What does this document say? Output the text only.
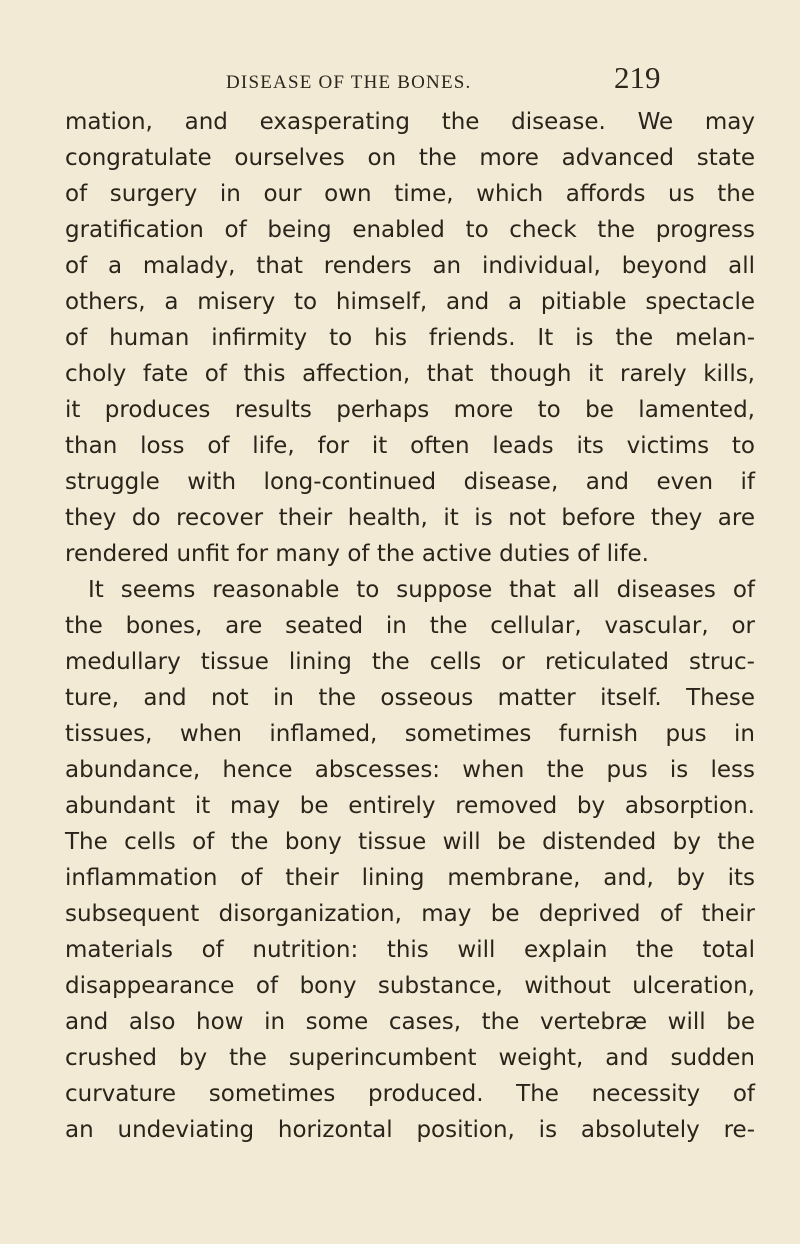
DISEASE OF THE BONES.	219
mation, and exasperating the disease. We may
congratulate ourselves on the more advanced state
of surgery in our own time, which affords us the
gratification of being enabled to check the progress
of a malady, that renders an individual, beyond all
others, a misery to himself, and a pitiable spectacle
of human infirmity to his friends. It is the melan-
choly fate of this affection, that though it rarely kills,
it produces results perhaps more to be lamented,
than loss of life, for it often leads its victims to
struggle with long-continued disease, and even if
they do recover their health, it is not before they are
rendered unfit for many of the active duties of life.
It seems reasonable to suppose that all diseases of
the bones, are seated in the cellular, vascular, or
medullary tissue lining the cells or reticulated struc-
ture, and not in the osseous matter itself. These
tissues, when inflamed, sometimes furnish pus in
abundance, hence abscesses: when the pus is less
abundant it may be entirely removed by absorption.
The cells of the bony tissue will be distended by the
inflammation of their lining membrane, and, by its
subsequent disorganization, may be deprived of their
materials of nutrition: this will explain the total
disappearance of bony substance, without ulceration,
and also how in some cases, the vertebræ will be
crushed by the superincumbent weight, and sudden
curvature sometimes produced. The necessity of
an undeviating horizontal position, is absolutely re-
